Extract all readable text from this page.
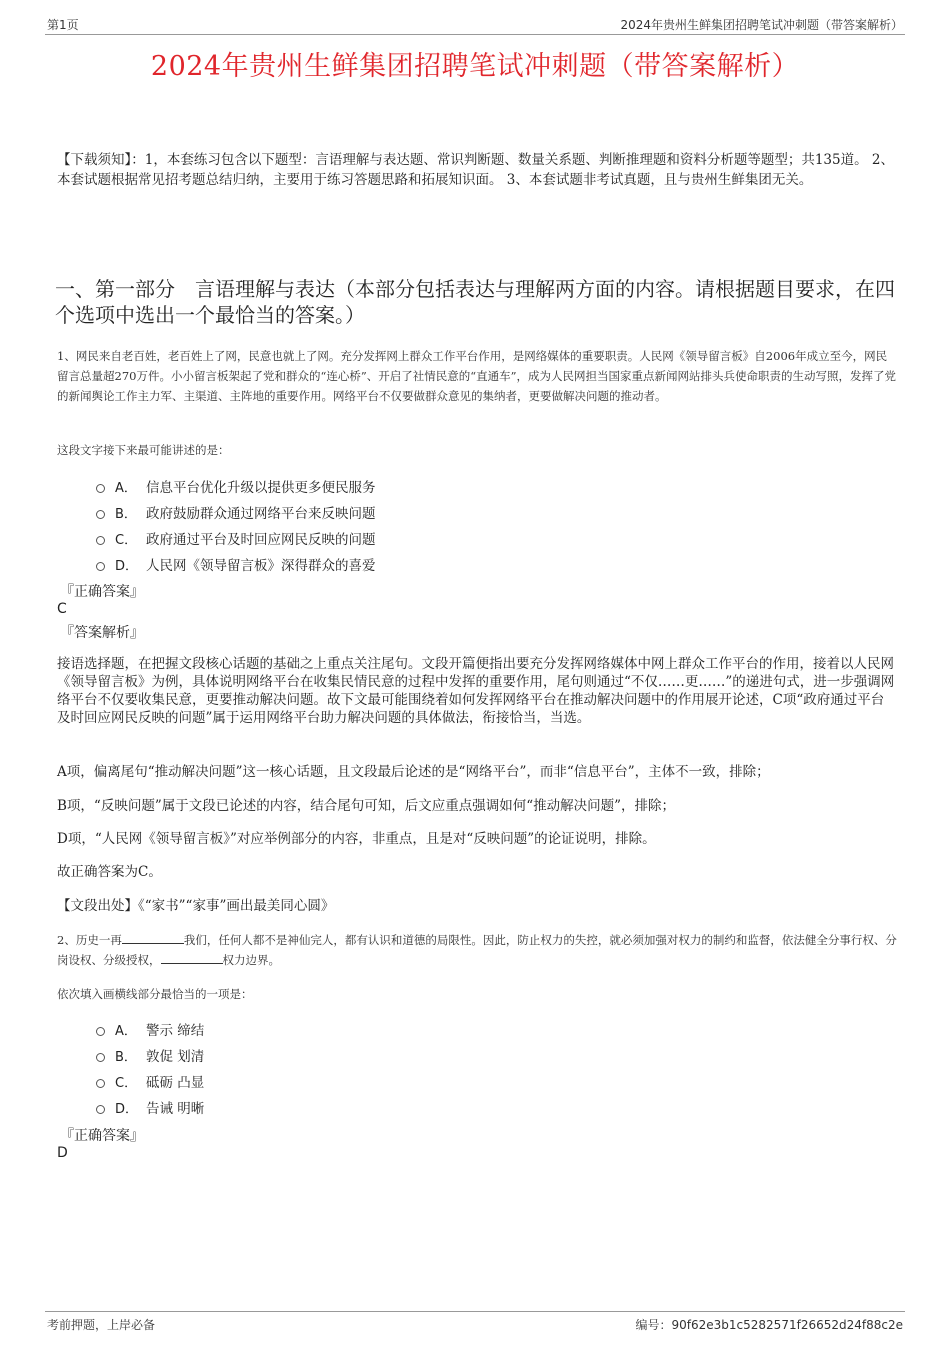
第1页	2024年贵州生鲜集团招聘笔试冲刺题（带答案解析）
2024年贵州生鲜集团招聘笔试冲刺题（带答案解析）
【下载须知】：1，本套练习包含以下题型：言语理解与表达题、常识判断题、数量关系题、判断推理题和资料分析题等题型；共135道。 2、本套试题根据常见招考题总结归纳，主要用于练习答题思路和拓展知识面。 3、本套试题非考试真题，且与贵州生鲜集团无关。
一、第一部分　言语理解与表达（本部分包括表达与理解两方面的内容。请根据题目要求，在四个选项中选出一个最恰当的答案。）
1、网民来自老百姓，老百姓上了网，民意也就上了网。充分发挥网上群众工作平台作用，是网络媒体的重要职责。人民网《领导留言板》自2006年成立至今，网民留言总量超270万件。小小留言板架起了党和群众的“连心桥”、开启了社情民意的“直通车”，成为人民网担当国家重点新闻网站排头兵使命职责的生动写照，发挥了党的新闻舆论工作主力军、主渠道、主阵地的重要作用。网络平台不仅要做群众意见的集纳者，更要做解决问题的推动者。
这段文字接下来最可能讲述的是：
A． 信息平台优化升级以提供更多便民服务
B． 政府鼓励群众通过网络平台来反映问题
C． 政府通过平台及时回应网民反映的问题
D． 人民网《领导留言板》深得群众的喜爱
『正确答案』
C
『答案解析』
接语选择题，在把握文段核心话题的基础之上重点关注尾句。文段开篇便指出要充分发挥网络媒体中网上群众工作平台的作用，接着以人民网《领导留言板》为例，具体说明网络平台在收集民情民意的过程中发挥的重要作用，尾句则通过“不仅……更……”的递进句式，进一步强调网络平台不仅要收集民意，更要推动解决问题。故下文最可能围绕着如何发挥网络平台在推动解决问题中的作用展开论述，C项“政府通过平台及时回应网民反映的问题”属于运用网络平台助力解决问题的具体做法，衔接恰当，当选。
A项，偏离尾句“推动解决问题”这一核心话题，且文段最后论述的是“网络平台”，而非“信息平台”，主体不一致，排除；
B项，“反映问题”属于文段已论述的内容，结合尾句可知，后文应重点强调如何“推动解决问题”，排除；
D项，“人民网《领导留言板》”对应举例部分的内容，非重点，且是对“反映问题”的论证说明，排除。
故正确答案为C。
【文段出处】《“家书”“家事”画出最美同心圆》
2、历史一再	我们，任何人都不是神仙完人，都有认识和道德的局限性。因此，防止权力的失控，就必须加强对权力的制约和监督，依法健全分事行权、分岗设权、分级授权，	权力边界。
依次填入画横线部分最恰当的一项是：
A． 警示 缔结
B． 敦促 划清
C． 砥砺 凸显
D． 告诫 明晰
『正确答案』
D
考前押题，上岸必备	编号：90f62e3b1c5282571f26652d24f88c2e
